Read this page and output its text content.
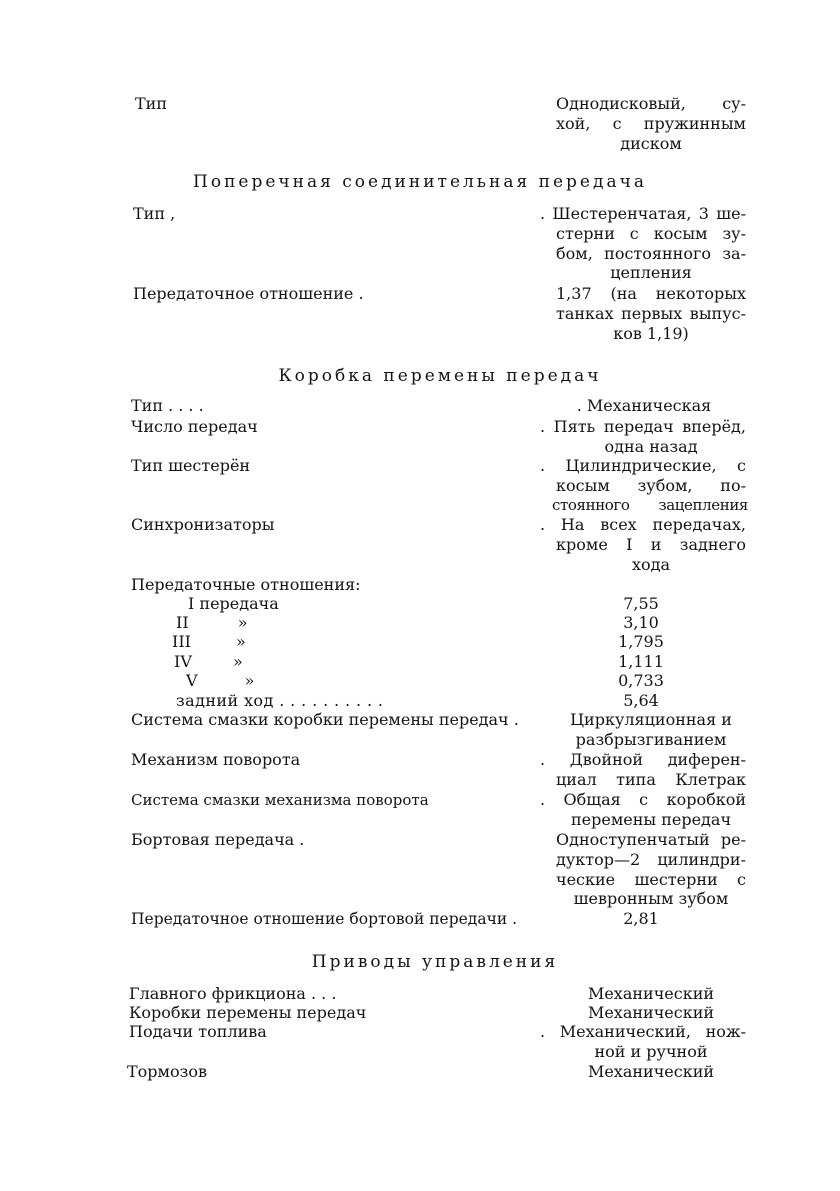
Тип	Однодисковый, су-
хой, с пружинным
диском
Поперечная соединительная передача
Тип ,	. Шестеренчатая, 3 ше-
стерни с косым зу-
бом, постоянного за-
цепления
Передаточное отношение .	1,37 (на некоторых
танках первых выпус-
ков 1,19)
Коробка перемены передач
Тип . . . .	. Механическая
Число передач	. Пять передач вперёд,
одна назад
Тип шестерён	. Цилиндрические, с
косым зубом, по-
стоянного зацепления
Синхронизаторы	. На всех передачах,
кроме I и заднего
хода
Передаточные отношения:
I передача	7,55
II »	3,10
III »	1,795
IV »	1,111
V »	0,733
задний ход . . . . . . . . . .	5,64
Система смазки коробки перемены передач .	Циркуляционная и
разбрызгиванием
Механизм поворота	. Двойной диферен-
циал типа Клетрак
Система смазки механизма поворота	. Общая с коробкой
перемены передач
Бортовая передача .	Одноступенчатый ре-
дуктор—2 цилиндри-
ческие шестерни с
шевронным зубом
Передаточное отношение бортовой передачи .	2,81
Приводы управления
Главного фрикциона . . .	Механический
Коробки перемены передач	Механический
Подачи топлива	. Механический, нож-
ной и ручной
Тормозов	Механический
